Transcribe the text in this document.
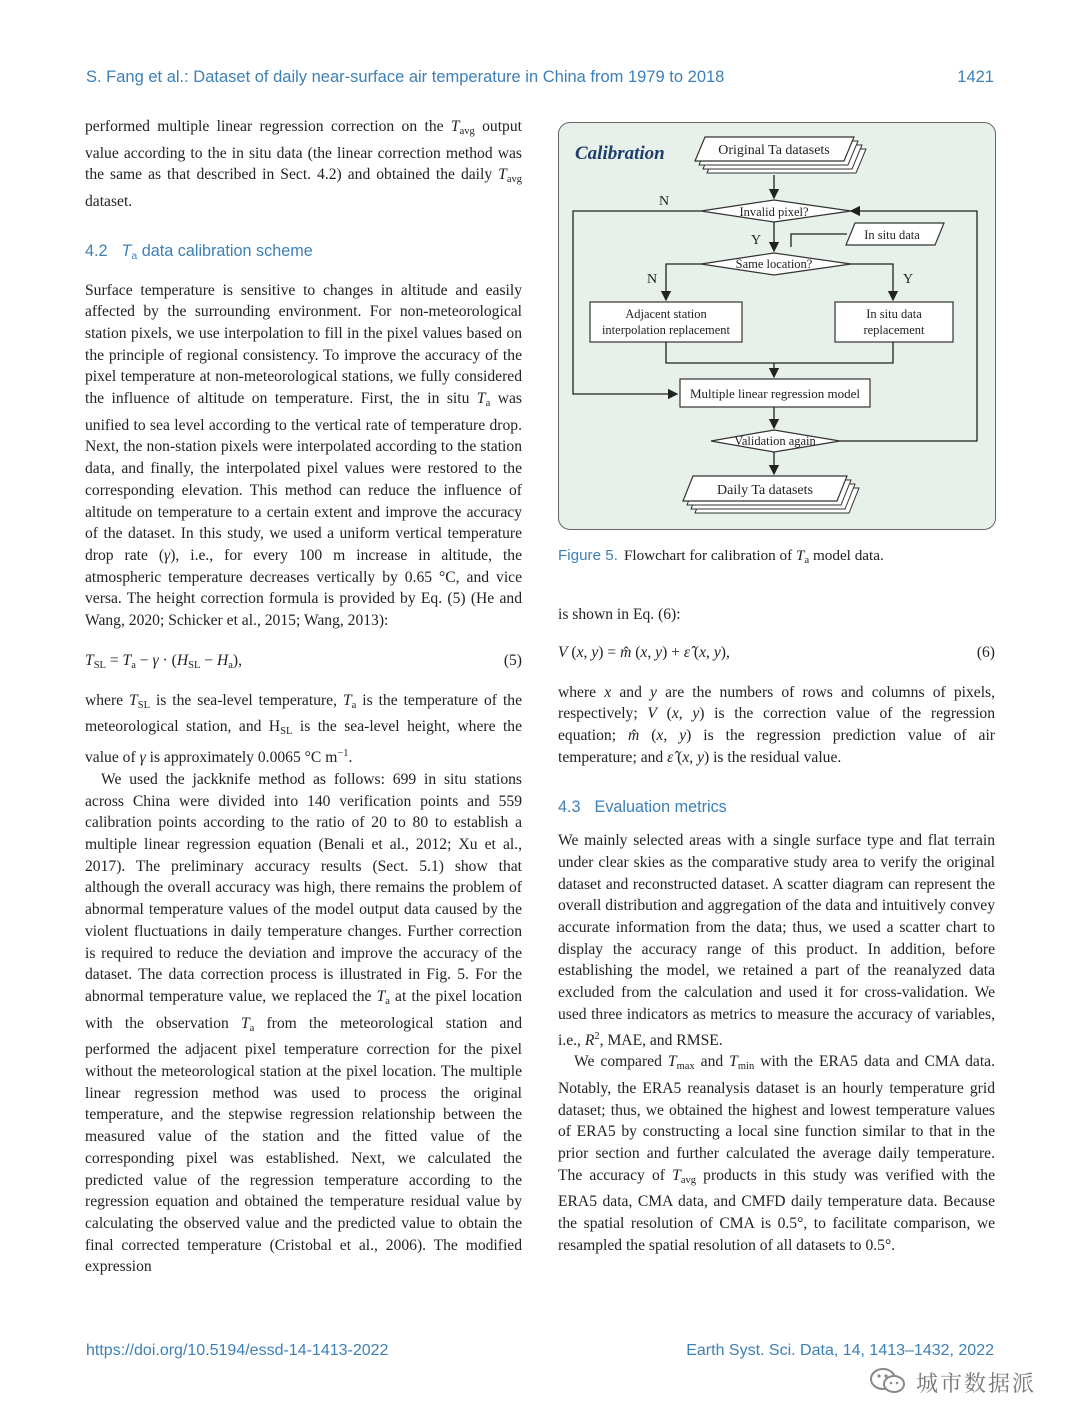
S. Fang et al.: Dataset of daily near-surface air temperature in China from 1979 to 2018	1421

performed multiple linear regression correction on the $T_{avg}$ output value according to the in situ data (the linear correction method was the same as that described in Sect. 4.2) and obtained the daily $T_{avg}$ dataset.

4.2 $T_a$ data calibration scheme

Surface temperature is sensitive to changes in altitude and easily affected by the surrounding environment. For non-meteorological station pixels, we use interpolation to fill in the pixel values based on the principle of regional consistency. To improve the accuracy of the pixel temperature at non-meteorological stations, we fully considered the influence of altitude on temperature. First, the in situ $T_a$ was unified to sea level according to the vertical rate of temperature drop. Next, the non-station pixels were interpolated according to the station data, and finally, the interpolated pixel values were restored to the corresponding elevation. This method can reduce the influence of altitude on temperature to a certain extent and improve the accuracy of the dataset. In this study, we used a uniform vertical temperature drop rate (γ), i.e., for every 100 m increase in altitude, the atmospheric temperature decreases vertically by 0.65 °C, and vice versa. The height correction formula is provided by Eq. (5) (He and Wang, 2020; Schicker et al., 2015; Wang, 2013):

$T_{SL} = T_a - \gamma \cdot (H_{SL} - H_a)$,	(5)

where $T_{SL}$ is the sea-level temperature, $T_a$ is the temperature of the meteorological station, and $H_{SL}$ is the sea-level height, where the value of γ is approximately 0.0065 °C $m^{-1}$.

We used the jackknife method as follows: 699 in situ stations across China were divided into 140 verification points and 559 calibration points according to the ratio of 20 to 80 to establish a multiple linear regression equation (Benali et al., 2012; Xu et al., 2017). The preliminary accuracy results (Sect. 5.1) show that although the overall accuracy was high, there remains the problem of abnormal temperature values of the model output data caused by the violent fluctuations in daily temperature changes. Further correction is required to reduce the deviation and improve the accuracy of the dataset. The data correction process is illustrated in Fig. 5. For the abnormal temperature value, we replaced the $T_a$ at the pixel location with the observation $T_a$ from the meteorological station and performed the adjacent pixel temperature correction for the pixel without the meteorological station at the pixel location. The multiple linear regression method was used to process the original temperature, and the stepwise regression relationship between the measured value of the station and the fitted value of the corresponding pixel was established. Next, we calculated the predicted value of the regression temperature according to the regression equation and obtained the temperature residual value by calculating the observed value and the predicted value to obtain the final corrected temperature (Cristobal et al., 2006). The modified expression

Calibration	Original Ta datasets
Invalid pixel?
N
Y	In situ data
Same location?
N	Y
Adjacent station
interpolation replacement
In situ data
replacement
Multiple linear regression model
Validation again
Daily Ta datasets
Figure 5. Flowchart for calibration of $T_a$ model data.

is shown in Eq. (6):

V (x, y) = m̂ (x, y) + ε̂ (x, y),	(6)

where x and y are the numbers of rows and columns of pixels, respectively; V (x, y) is the correction value of the regression equation; m̂ (x, y) is the regression prediction value of air temperature; and ε̂ (x, y) is the residual value.

4.3 Evaluation metrics

We mainly selected areas with a single surface type and flat terrain under clear skies as the comparative study area to verify the original dataset and reconstructed dataset. A scatter diagram can represent the overall distribution and aggregation of the data and intuitively convey accurate information from the data; thus, we used a scatter chart to display the accuracy range of this product. In addition, before establishing the model, we retained a part of the reanalyzed data excluded from the calculation and used it for cross-validation. We used three indicators as metrics to measure the accuracy of variables, i.e., $R^2$, MAE, and RMSE.

We compared $T_{max}$ and $T_{min}$ with the ERA5 data and CMA data. Notably, the ERA5 reanalysis dataset is an hourly temperature grid dataset; thus, we obtained the highest and lowest temperature values of ERA5 by constructing a local sine function similar to that in the prior section and further calculated the average daily temperature. The accuracy of $T_{avg}$ products in this study was verified with the ERA5 data, CMA data, and CMFD daily temperature data. Because the spatial resolution of CMA is 0.5°, to facilitate comparison, we resampled the spatial resolution of all datasets to 0.5°.

https://doi.org/10.5194/essd-14-1413-2022	Earth Syst. Sci. Data, 14, 1413–1432, 2022
城市数据派
